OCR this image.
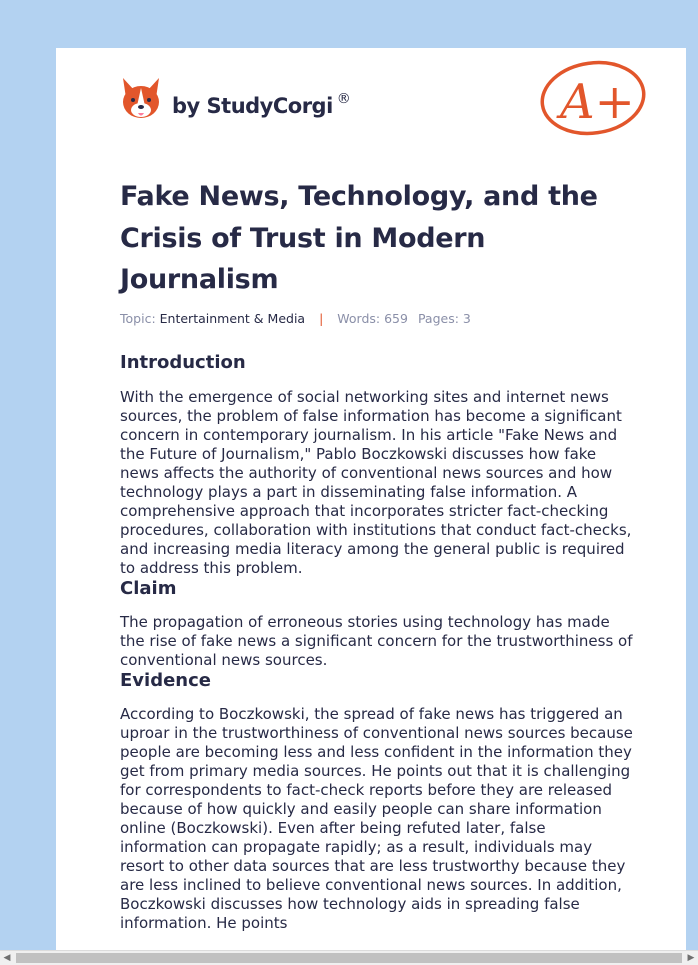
by StudyCorgi ®	A+
Fake News, Technology, and the Crisis of Trust in Modern Journalism
Topic: Entertainment & Media | Words: 659 Pages: 3
Introduction

With the emergence of social networking sites and internet news sources, the problem of false information has become a significant concern in contemporary journalism. In his article "Fake News and the Future of Journalism," Pablo Boczkowski discusses how fake news affects the authority of conventional news sources and how technology plays a part in disseminating false information. A comprehensive approach that incorporates stricter fact-checking procedures, collaboration with institutions that conduct fact-checks, and increasing media literacy among the general public is required to address this problem.

Claim

The propagation of erroneous stories using technology has made the rise of fake news a significant concern for the trustworthiness of conventional news sources.

Evidence

According to Boczkowski, the spread of fake news has triggered an uproar in the trustworthiness of conventional news sources because people are becoming less and less confident in the information they get from primary media sources. He points out that it is challenging for correspondents to fact-check reports before they are released because of how quickly and easily people can share information online (Boczkowski). Even after being refuted later, false information can propagate rapidly; as a result, individuals may resort to other data sources that are less trustworthy because they are less inclined to believe conventional news sources. In addition, Boczkowski discusses how technology aids in spreading false information. He points

◀	▶
